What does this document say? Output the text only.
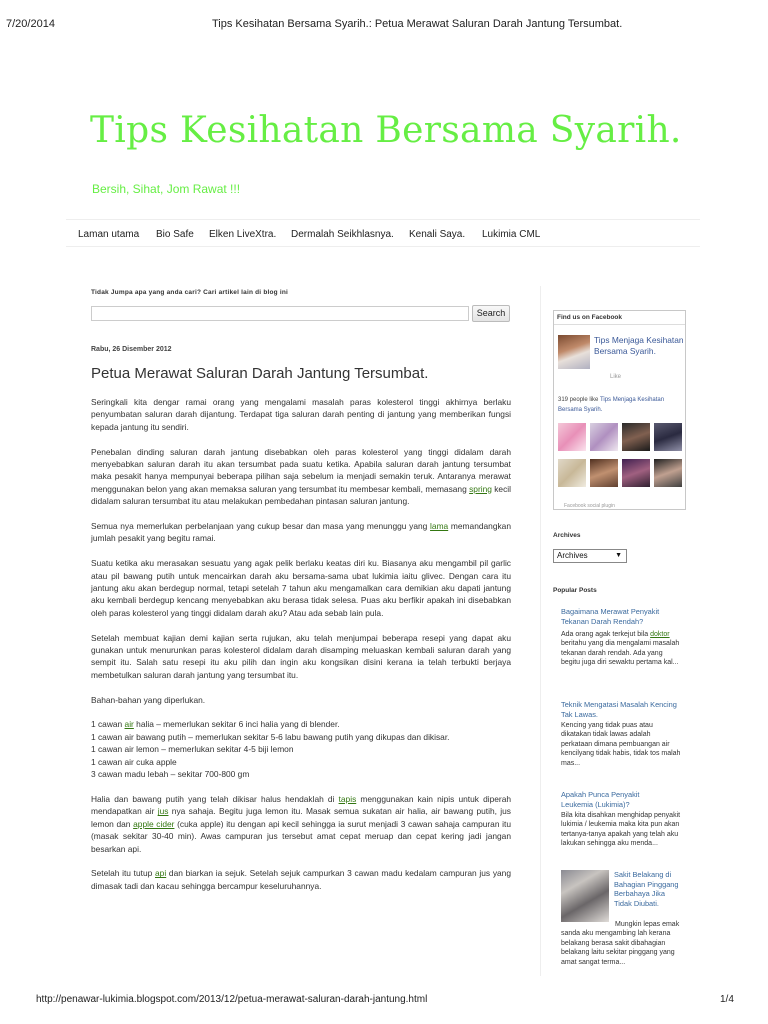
7/20/2014	Tips Kesihatan Bersama Syarih.: Petua Merawat Saluran Darah Jantung Tersumbat.
Tips Kesihatan Bersama Syarih.
Bersih, Sihat, Jom Rawat !!!
Laman utama Bio Safe Elken LiveXtra. Dermalah Seikhlasnya. Kenali Saya. Lukimia CML
Tidak Jumpa apa yang anda cari? Cari artikel lain di blog ini
Search
Rabu, 26 Disember 2012
Petua Merawat Saluran Darah Jantung Tersumbat.

Seringkali kita dengar ramai orang yang mengalami masalah paras kolesterol tinggi akhirnya berlaku penyumbatan saluran darah dijantung. Terdapat tiga saluran darah penting di jantung yang memberikan fungsi kepada jantung itu sendiri.

Penebalan dinding saluran darah jantung disebabkan oleh paras kolesterol yang tinggi didalam darah menyebabkan saluran darah itu akan tersumbat pada suatu ketika. Apabila saluran darah jantung tersumbat maka pesakit hanya mempunyai beberapa pilihan saja sebelum ia menjadi semakin teruk. Antaranya merawat menggunakan belon yang akan memaksa saluran yang tersumbat itu membesar kembali, memasang spring kecil didalam saluran tersumbat itu atau melakukan pembedahan pintasan saluran jantung.

Semua nya memerlukan perbelanjaan yang cukup besar dan masa yang menunggu yang lama memandangkan jumlah pesakit yang begitu ramai.

Suatu ketika aku merasakan sesuatu yang agak pelik berlaku keatas diri ku. Biasanya aku mengambil pil garlic atau pil bawang putih untuk mencairkan darah aku bersama-sama ubat lukimia iaitu glivec. Dengan cara itu jantung aku akan berdegup normal, tetapi setelah 7 tahun aku mengamalkan cara demikian aku dapati jantung aku kembali berdegup kencang menyebabkan aku berasa tidak selesa. Puas aku berfikir apakah ini disebabkan oleh paras kolesterol yang tinggi didalam darah aku? Atau ada sebab lain pula.

Setelah membuat kajian demi kajian serta rujukan, aku telah menjumpai beberapa resepi yang dapat aku gunakan untuk menurunkan paras kolesterol didalam darah disamping meluaskan kembali saluran darah yang sempit itu. Salah satu resepi itu aku pilih dan ingin aku kongsikan disini kerana ia telah terbukti berjaya membetulkan saluran darah jantung yang tersumbat itu.

Bahan-bahan yang diperlukan.

1 cawan air halia – memerlukan sekitar 6 inci halia yang di blender.
1 cawan air bawang putih – memerlukan sekitar 5-6 labu bawang putih yang dikupas dan dikisar.
1 cawan air lemon – memerlukan sekitar 4-5 biji lemon
1 cawan air cuka apple
3 cawan madu lebah – sekitar 700-800 gm

Halia dan bawang putih yang telah dikisar halus hendaklah di tapis menggunakan kain nipis untuk diperah mendapatkan air jus nya sahaja. Begitu juga lemon itu. Masak semua sukatan air halia, air bawang putih, jus lemon dan apple cider (cuka apple) itu dengan api kecil sehingga ia surut menjadi 3 cawan sahaja campuran itu (masak sekitar 30-40 min). Awas campuran jus tersebut amat cepat meruap dan cepat kering jadi jangan besarkan api.

Setelah itu tutup api dan biarkan ia sejuk. Setelah sejuk campurkan 3 cawan madu kedalam campuran jus yang dimasak tadi dan kacau sehingga bercampur keseluruhannya.

Find us on Facebook
Tips Menjaga Kesihatan Bersama Syarih.
Like
319 people like Tips Menjaga Kesihatan Bersama Syarih.
Facebook social plugin
Archives
Archives	▼
Popular Posts
Bagaimana Merawat Penyakit Tekanan Darah Rendah?
Ada orang agak terkejut bila doktor beritahu yang dia mengalami masalah tekanan darah rendah. Ada yang begitu juga diri sewaktu pertama kal...
Teknik Mengatasi Masalah Kencing Tak Lawas.
Kencing yang tidak puas atau dikatakan tidak lawas adalah perkataan dimana pembuangan air kencilyang tidak habis, tidak tos malah mas...
Apakah Punca Penyakit Leukemia (Lukimia)?
Bila kita disahkan menghidap penyakit lukimia / leukemia maka kita pun akan tertanya-tanya apakah yang telah aku lakukan sehingga aku menda...
Sakit Belakang di Bahagian Pinggang Berbahaya Jika Tidak Diubati.
Mungkin lepas emak sanda aku mengambing lah kerana belakang berasa sakit dibahagian belakang laitu sekitar pinggang yang amat sangat terma...
http://penawar-lukimia.blogspot.com/2013/12/petua-merawat-saluran-darah-jantung.html	1/4
